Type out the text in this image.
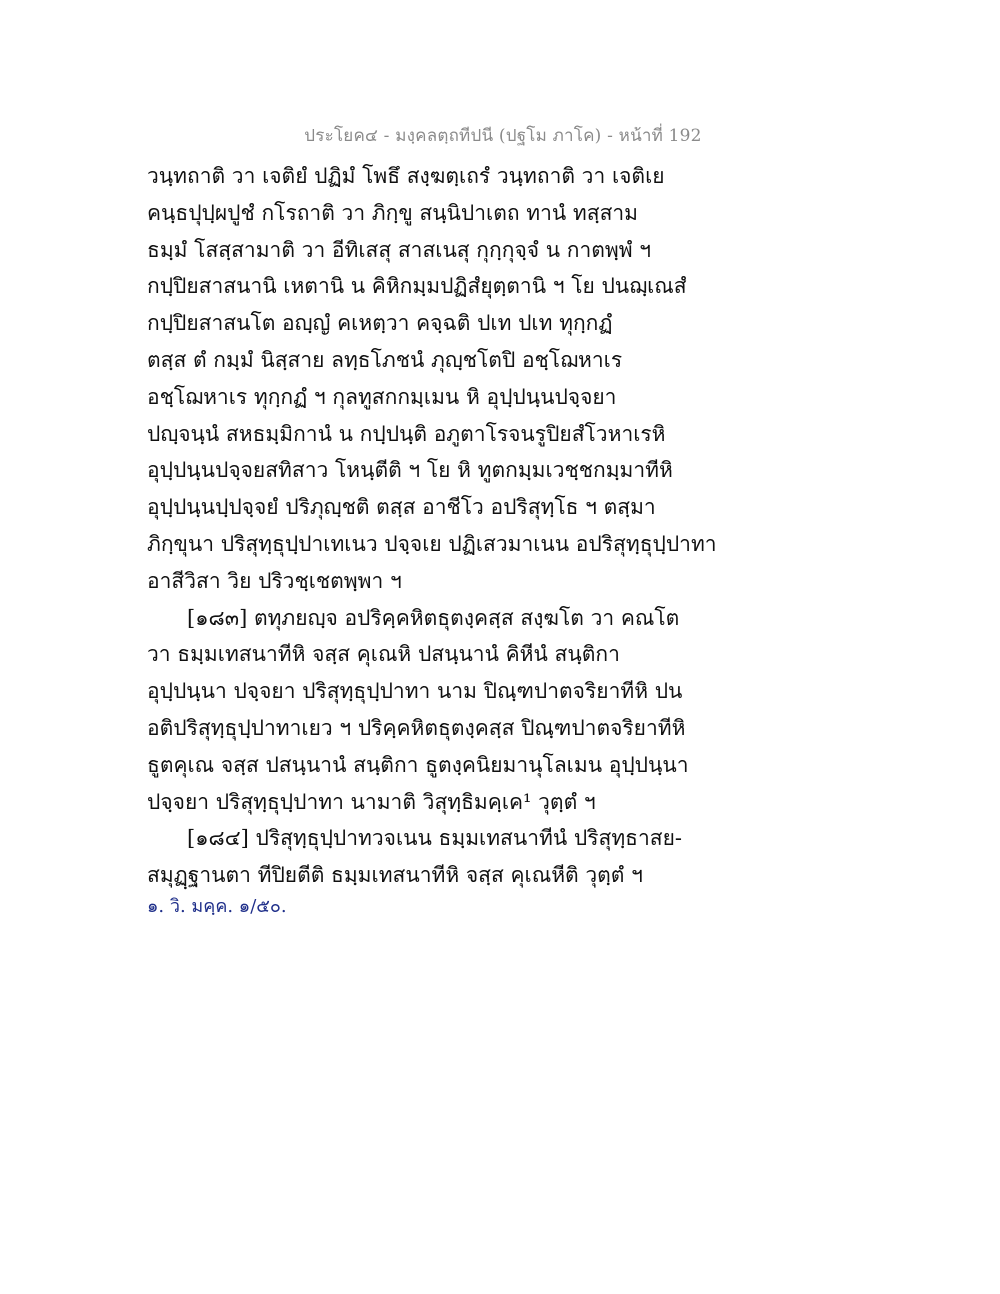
ประโยค๔ - มงฺคลตฺถทีปนี (ปฐโม ภาโค) - หน้าที่ 192
วนฺทถาติ วา เจติยํ ปฏิมํ โพธึ สงฺฆตฺเถรํ วนฺทถาติ วา เจติเย
คนฺธปุปฺผปูชํ กโรถาติ วา ภิกฺขู สนฺนิปาเตถ ทานํ ทสฺสาม
ธมฺมํ โสสฺสามาติ วา อีทิเสสุ สาสเนสุ กุกฺกุจฺจํ น กาตพฺพํ ฯ
กปฺปิยสาสนานิ เหตานิ น คิหิกมฺมปฏิสํยุตฺตานิ ฯ โย ปนฌฺเณสํ
กปฺปิยสาสนโต อญฺญํ คเหตฺวา คจฺฉติ ปเท ปเท ทุกฺกฏํ
ตสฺส ตํ กมฺมํ นิสฺสาย ลทฺธโภชนํ ภุญฺชโตปิ อชฺโฌหาเร
อชฺโฌหาเร ทุกฺกฏํ ฯ กุลทูสกกมฺเมน หิ อุปฺปนฺนปจฺจยา
ปญฺจนฺนํ สหธมฺมิกานํ น กปฺปนฺติ อภูตาโรจนรูปิยสํโวหาเรหิ
อุปฺปนฺนปจฺจยสทิสาว โหนฺตีติ ฯ โย หิ ทูตกมฺมเวชฺชกมฺมาทีหิ
อุปฺปนฺนปฺปจฺจยํ ปริภุญฺชติ ตสฺส อาชีโว อปริสุทฺโธ ฯ ตสฺมา
ภิกฺขุนา ปริสุทฺธุปฺปาเทเนว ปจฺจเย ปฏิเสวมาเนน อปริสุทฺธุปฺปาทา
อาสีวิสา วิย ปริวชฺเชตพฺพา ฯ
[๑๘๓] ตทุภยญฺจ อปริคฺคหิตธุตงฺคสฺส สงฺฆโต วา คณโต
วา ธมฺมเทสนาทีหิ จสฺส คุเณหิ ปสนฺนานํ คิหีนํ สนฺติกา
อุปฺปนฺนา ปจฺจยา ปริสุทฺธุปฺปาทา นาม ปิณฺฑปาตจริยาทีหิ ปน
อติปริสุทฺธุปฺปาทาเยว ฯ ปริคฺคหิตธุตงฺคสฺส ปิณฺฑปาตจริยาทีหิ
ธูตคุเณ จสฺส ปสนฺนานํ สนฺติกา ธูตงฺคนิยมานุโลเมน อุปฺปนฺนา
ปจฺจยา ปริสุทฺธุปฺปาทา นามาติ วิสุทฺธิมคฺเค¹ วุตฺตํ ฯ
[๑๘๔] ปริสุทฺธุปฺปาทวจเนน ธมฺมเทสนาทีนํ ปริสุทฺธาสย-
สมุฏฺฐานตา ทีปิยตีติ ธมฺมเทสนาทีหิ จสฺส คุเณหีติ วุตฺตํ ฯ
๑. วิ. มคฺค. ๑/๕๐.
